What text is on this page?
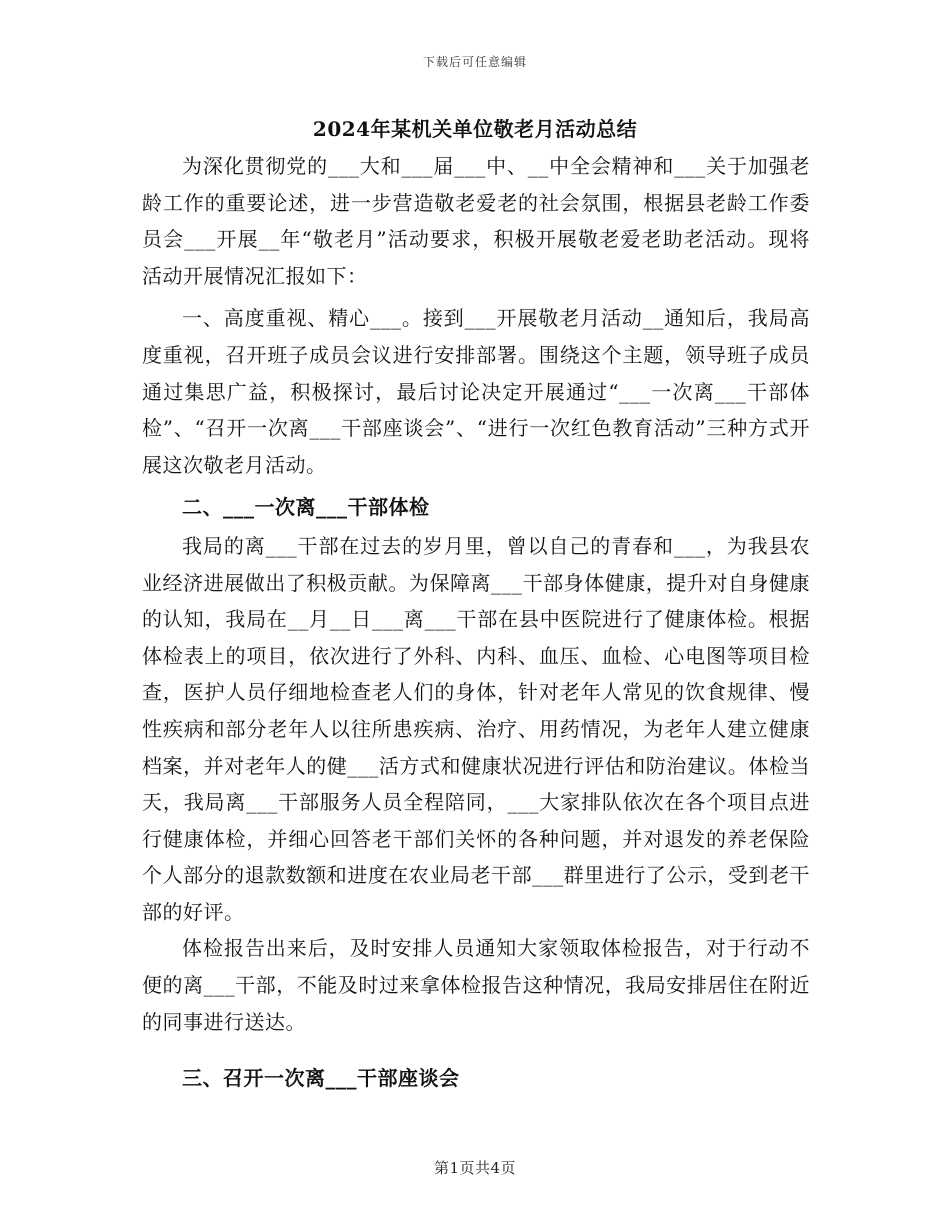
下载后可任意编辑
2024年某机关单位敬老月活动总结

为深化贯彻党的___大和___届___中、__中全会精神和___关于加强老龄工作的重要论述，进一步营造敬老爱老的社会氛围，根据县老龄工作委员会___开展__年“敬老月”活动要求，积极开展敬老爱老助老活动。现将活动开展情况汇报如下：

一、高度重视、精心___。接到___开展敬老月活动__通知后，我局高度重视，召开班子成员会议进行安排部署。围绕这个主题，领导班子成员通过集思广益，积极探讨，最后讨论决定开展通过“___一次离___干部体检”、“召开一次离___干部座谈会”、“进行一次红色教育活动”三种方式开展这次敬老月活动。

二、___一次离___干部体检

我局的离___干部在过去的岁月里，曾以自己的青春和___，为我县农业经济进展做出了积极贡献。为保障离___干部身体健康，提升对自身健康的认知，我局在__月__日___离___干部在县中医院进行了健康体检。根据体检表上的项目，依次进行了外科、内科、血压、血检、心电图等项目检查，医护人员仔细地检查老人们的身体，针对老年人常见的饮食规律、慢性疾病和部分老年人以往所患疾病、治疗、用药情况，为老年人建立健康档案，并对老年人的健___活方式和健康状况进行评估和防治建议。体检当天，我局离___干部服务人员全程陪同，___大家排队依次在各个项目点进行健康体检，并细心回答老干部们关怀的各种问题，并对退发的养老保险个人部分的退款数额和进度在农业局老干部___群里进行了公示，受到老干部的好评。

体检报告出来后，及时安排人员通知大家领取体检报告，对于行动不便的离___干部，不能及时过来拿体检报告这种情况，我局安排居住在附近的同事进行送达。

三、召开一次离___干部座谈会

第1页共4页
